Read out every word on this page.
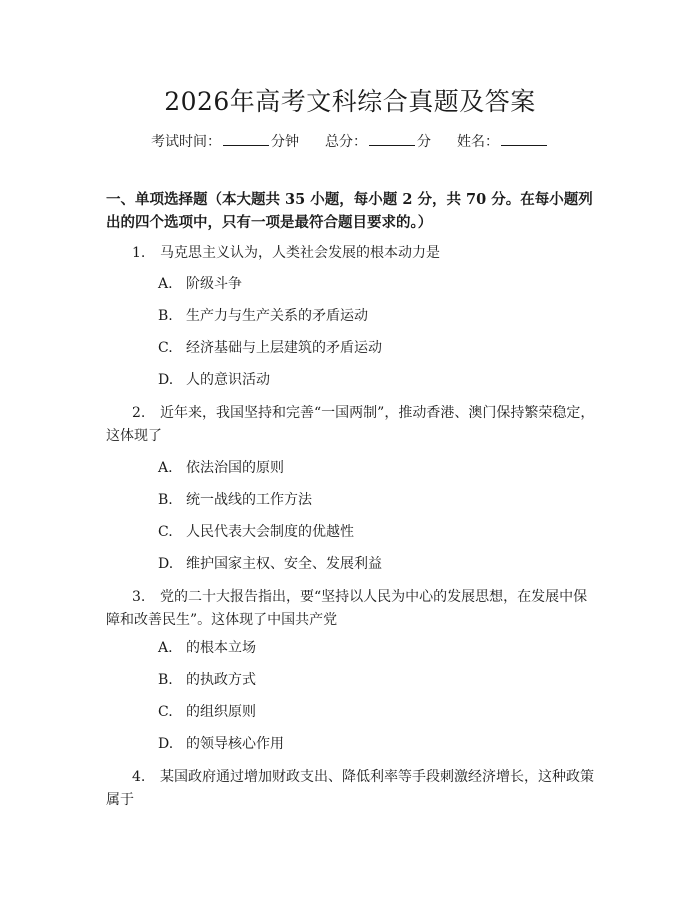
2026年高考文科综合真题及答案
考试时间：	分钟 总分：	分 姓名：
一、单项选择题（本大题共 35 小题，每小题 2 分，共 70 分。在每小题列出的四个选项中，只有一项是最符合题目要求的。）
1. 马克思主义认为，人类社会发展的根本动力是
A. 阶级斗争
B. 生产力与生产关系的矛盾运动
C. 经济基础与上层建筑的矛盾运动
D. 人的意识活动
2. 近年来，我国坚持和完善“一国两制”，推动香港、澳门保持繁荣稳定，这体现了
A. 依法治国的原则
B. 统一战线的工作方法
C. 人民代表大会制度的优越性
D. 维护国家主权、安全、发展利益
3. 党的二十大报告指出，要“坚持以人民为中心的发展思想，在发展中保障和改善民生”。这体现了中国共产党
A. 的根本立场
B. 的执政方式
C. 的组织原则
D. 的领导核心作用
4. 某国政府通过增加财政支出、降低利率等手段刺激经济增长，这种政策属于
